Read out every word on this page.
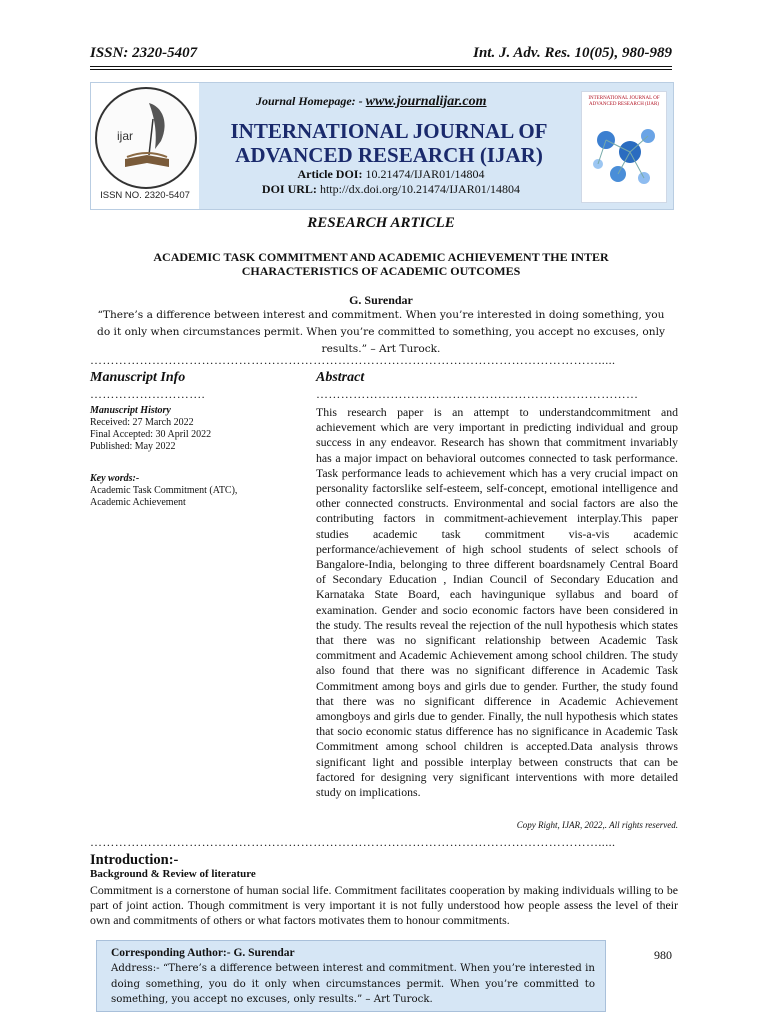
ISSN: 2320-5407	Int. J. Adv. Res. 10(05), 980-989
ijar
ISSN NO. 2320-5407
Journal Homepage: - www.journalijar.com
INTERNATIONAL JOURNAL OF
ADVANCED RESEARCH (IJAR)
Article DOI: 10.21474/IJAR01/14804
DOI URL: http://dx.doi.org/10.21474/IJAR01/14804
INTERNATIONAL JOURNAL OF ADVANCED RESEARCH (IJAR)
RESEARCH ARTICLE
ACADEMIC TASK COMMITMENT AND ACADEMIC ACHIEVEMENT THE INTER
CHARACTERISTICS OF ACADEMIC OUTCOMES
G. Surendar
“There’s a difference between interest and commitment. When you’re interested in doing something, you do it only when circumstances permit. When you’re committed to something, you accept no excuses, only results.” – Art Turock.
…………………………………………………………………………………………………………….....
Manuscript Info
……………………….
Manuscript History
Received: 27 March 2022
Final Accepted: 30 April 2022
Published: May 2022
Key words:-
Academic Task Commitment (ATC), Academic Achievement
Abstract
……………………………………………………………………
This research paper is an attempt to understandcommitment and achievement which are very important in predicting individual and group success in any endeavor. Research has shown that commitment invariably has a major impact on behavioral outcomes connected to task performance. Task performance leads to achievement which has a very crucial impact on personality factorslike self-esteem, self-concept, emotional intelligence and other connected constructs. Environmental and social factors are also the contributing factors in commitment-achievement interplay.This paper studies academic task commitment vis-a-vis academic performance/achievement of high school students of select schools of Bangalore-India, belonging to three different boardsnamely Central Board of Secondary Education , Indian Council of Secondary Education and Karnataka State Board, each havingunique syllabus and board of examination. Gender and socio economic factors have been considered in the study. The results reveal the rejection of the null hypothesis which states that there was no significant relationship between Academic Task commitment and Academic Achievement among school children. The study also found that there was no significant difference in Academic Task Commitment among boys and girls due to gender. Further, the study found that there was no significant difference in Academic Achievement amongboys and girls due to gender. Finally, the null hypothesis which states that socio economic status difference has no significance in Academic Task Commitment among school children is accepted.Data analysis throws significant light and possible interplay between constructs that can be factored for designing very significant interventions with more detailed study on implications.
Copy Right, IJAR, 2022,. All rights reserved.
…………………………………………………………………………………………………………….....
Introduction:-
Background & Review of literature
Commitment is a cornerstone of human social life. Commitment facilitates cooperation by making individuals willing to be part of joint action. Though commitment is very important it is not fully understood how people assess the level of their own and commitments of others or what factors motivates them to honour commitments.
Corresponding Author:- G. Surendar
Address:- “There’s a difference between interest and commitment. When you’re interested in doing something, you do it only when circumstances permit. When you’re committed to something, you accept no excuses, only results.” – Art Turock.
980
